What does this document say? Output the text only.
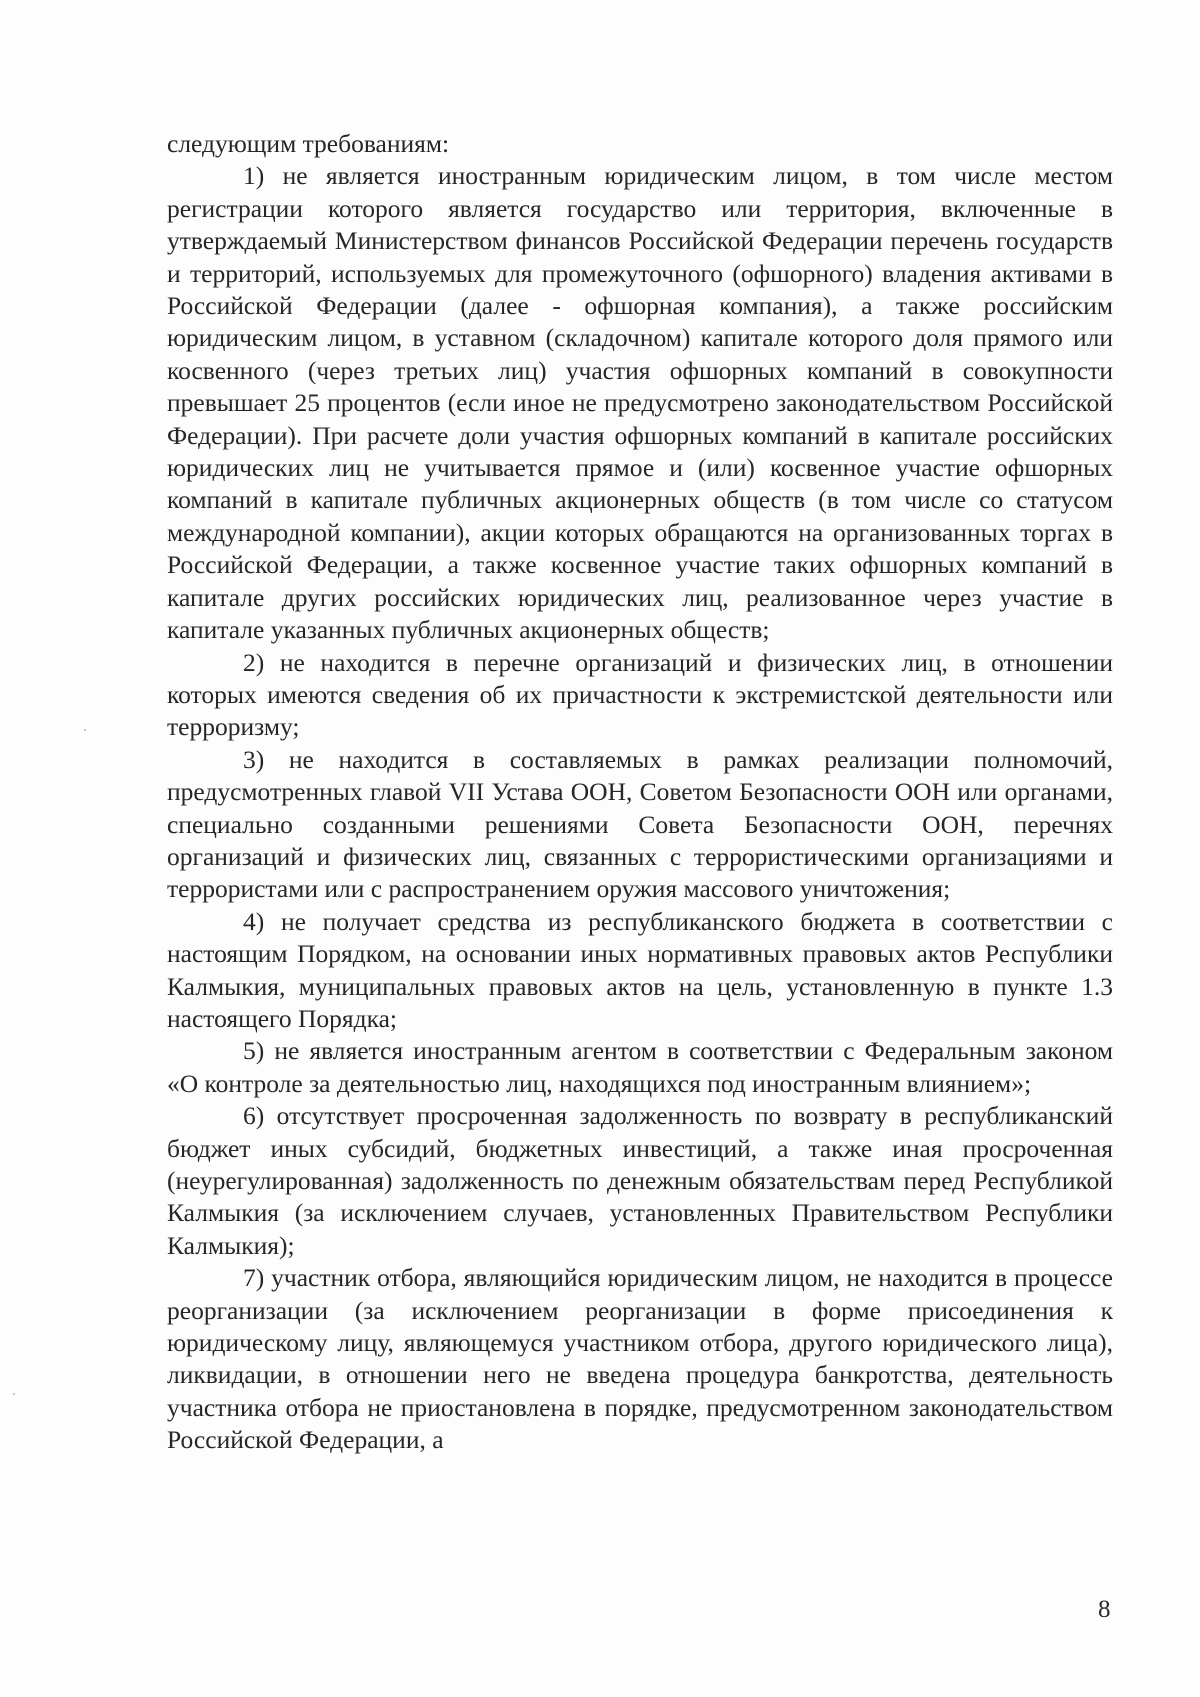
следующим требованиям:

1) не является иностранным юридическим лицом, в том числе местом регистрации которого является государство или территория, включенные в утверждаемый Министерством финансов Российской Федерации перечень государств и территорий, используемых для промежуточного (офшорного) владения активами в Российской Федерации (далее - офшорная компания), а также российским юридическим лицом, в уставном (складочном) капитале которого доля прямого или косвенного (через третьих лиц) участия офшорных компаний в совокупности превышает 25 процентов (если иное не предусмотрено законодательством Российской Федерации). При расчете доли участия офшорных компаний в капитале российских юридических лиц не учитывается прямое и (или) косвенное участие офшорных компаний в капитале публичных акционерных обществ (в том числе со статусом международной компании), акции которых обращаются на организованных торгах в Российской Федерации, а также косвенное участие таких офшорных компаний в капитале других российских юридических лиц, реализованное через участие в капитале указанных публичных акционерных обществ;

2) не находится в перечне организаций и физических лиц, в отношении которых имеются сведения об их причастности к экстремистской деятельности или терроризму;

3) не находится в составляемых в рамках реализации полномочий, предусмотренных главой VII Устава ООН, Советом Безопасности ООН или органами, специально созданными решениями Совета Безопасности ООН, перечнях организаций и физических лиц, связанных с террористическими организациями и террористами или с распространением оружия массового уничтожения;

4) не получает средства из республиканского бюджета в соответствии с настоящим Порядком, на основании иных нормативных правовых актов Республики Калмыкия, муниципальных правовых актов на цель, установленную в пункте 1.3 настоящего Порядка;

5) не является иностранным агентом в соответствии с Федеральным законом «О контроле за деятельностью лиц, находящихся под иностранным влиянием»;

6) отсутствует просроченная задолженность по возврату в республиканский бюджет иных субсидий, бюджетных инвестиций, а также иная просроченная (неурегулированная) задолженность по денежным обязательствам перед Республикой Калмыкия (за исключением случаев, установленных Правительством Республики Калмыкия);

7) участник отбора, являющийся юридическим лицом, не находится в процессе реорганизации (за исключением реорганизации в форме присоединения к юридическому лицу, являющемуся участником отбора, другого юридического лица), ликвидации, в отношении него не введена процедура банкротства, деятельность участника отбора не приостановлена в порядке, предусмотренном законодательством Российской Федерации, а

8
